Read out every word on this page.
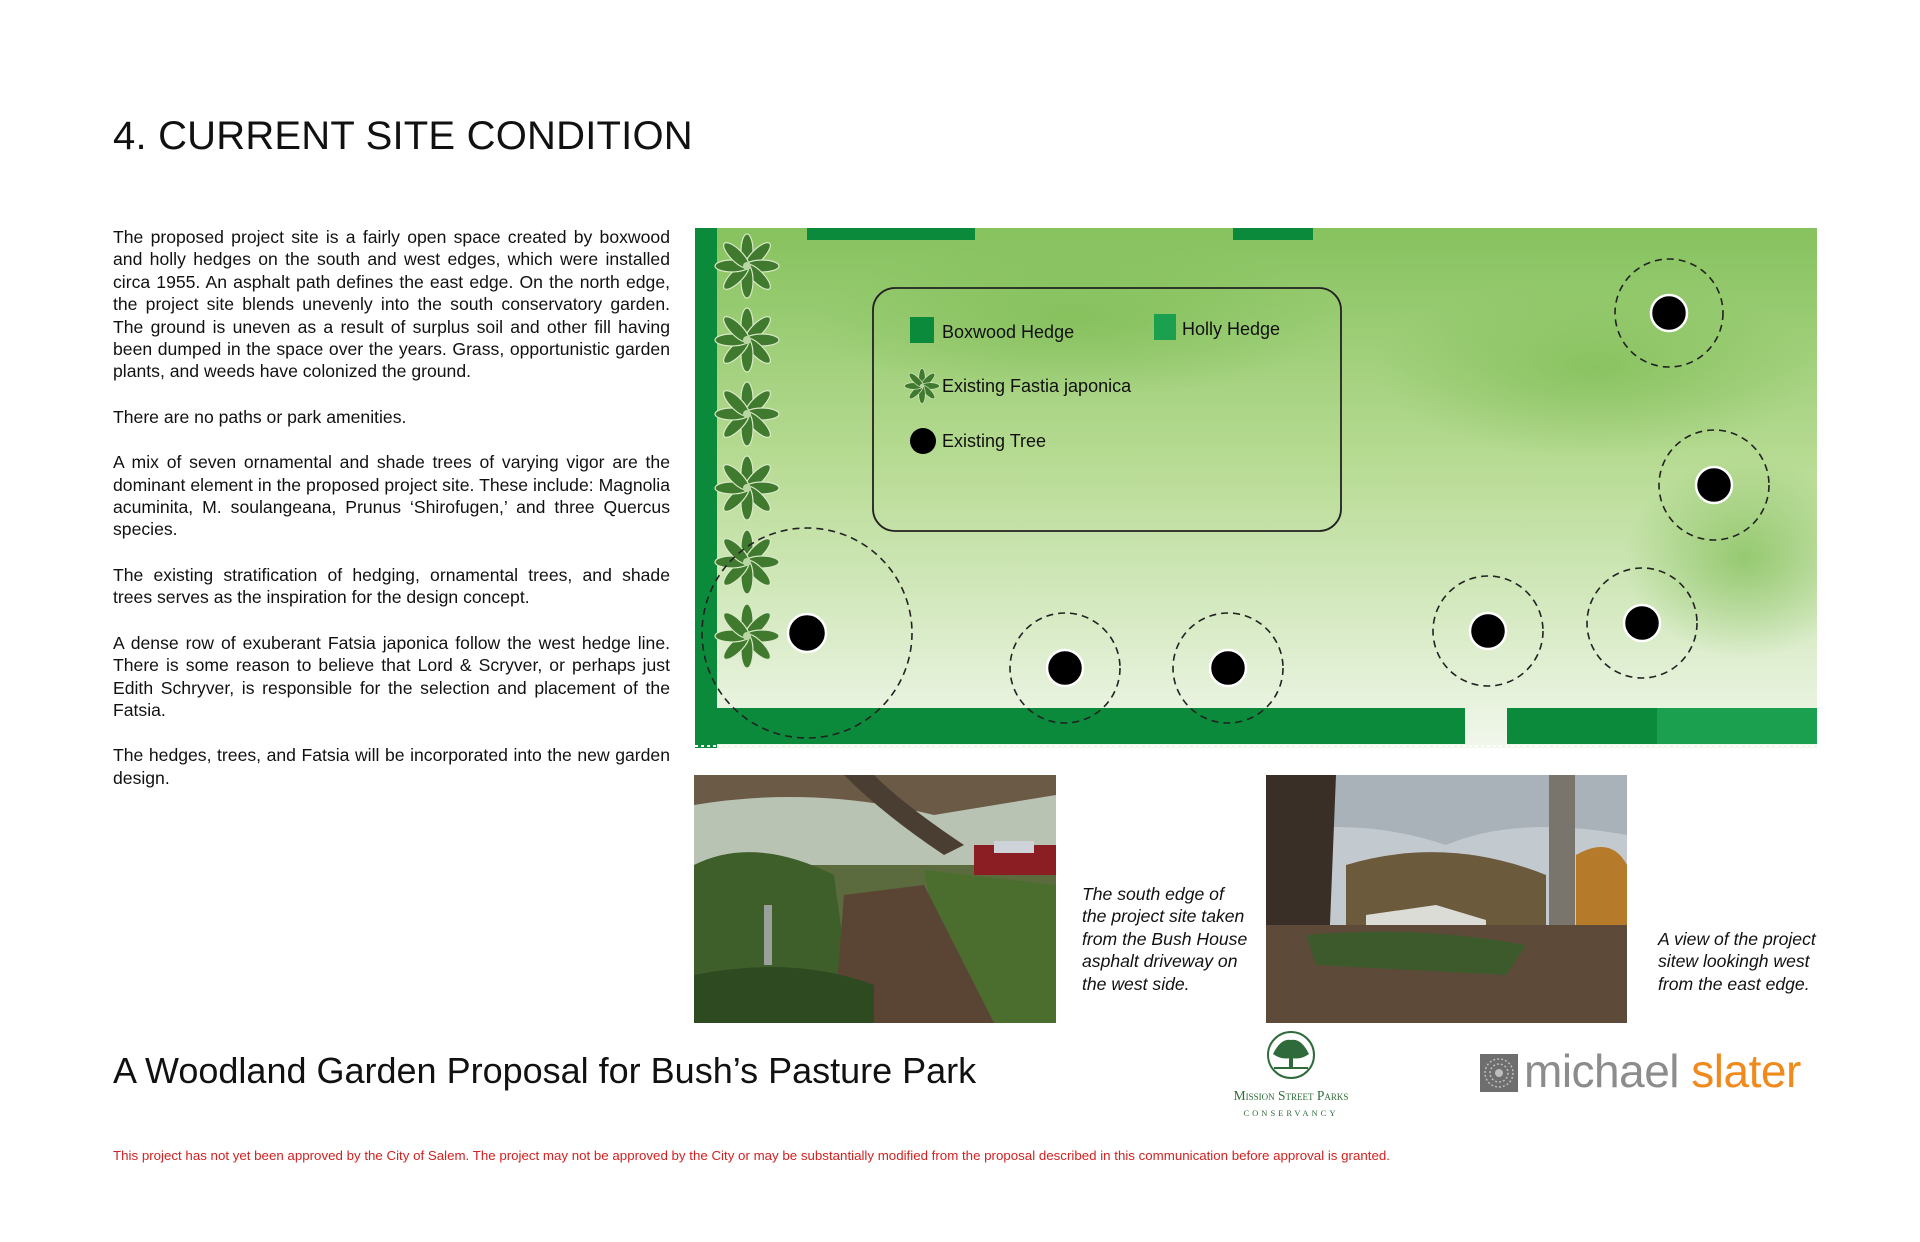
4. CURRENT SITE CONDITION

The proposed project site is a fairly open space created by boxwood and holly hedges on the south and west edges, which were installed circa 1955. An asphalt path defines the east edge. On the north edge, the project site blends unevenly into the south conservatory garden. The ground is uneven as a result of surplus soil and other fill having been dumped in the space over the years. Grass, opportunistic garden plants, and weeds have colonized the ground.

There are no paths or park amenities.

A mix of seven ornamental and shade trees of varying vigor are the dominant element in the proposed project site. These include: Magnolia acuminita, M. soulangeana, Prunus ‘Shirofugen,’ and three Quercus species.

The existing stratification of hedging, ornamental trees, and shade trees serves as the inspiration for the design concept.

A dense row of exuberant Fatsia japonica follow the west hedge line. There is some reason to believe that Lord & Scryver, or perhaps just Edith Schryver, is responsible for the selection and placement of the Fatsia.

The hedges, trees, and Fatsia will be incorporated into the new garden design.

Boxwood Hedge	Holly Hedge
Existing Fastia japonica
Existing Tree
The south edge of the project site taken from the Bush House asphalt driveway on the west side.
A view of the project sitew lookingh west from the east edge.
A Woodland Garden Proposal for Bush’s Pasture Park
Mission Street Parks
CONSERVANCY
michael slater
This project has not yet been approved by the City of Salem. The project may not be approved by the City or may be substantially modified from the proposal described in this communication before approval is granted.
